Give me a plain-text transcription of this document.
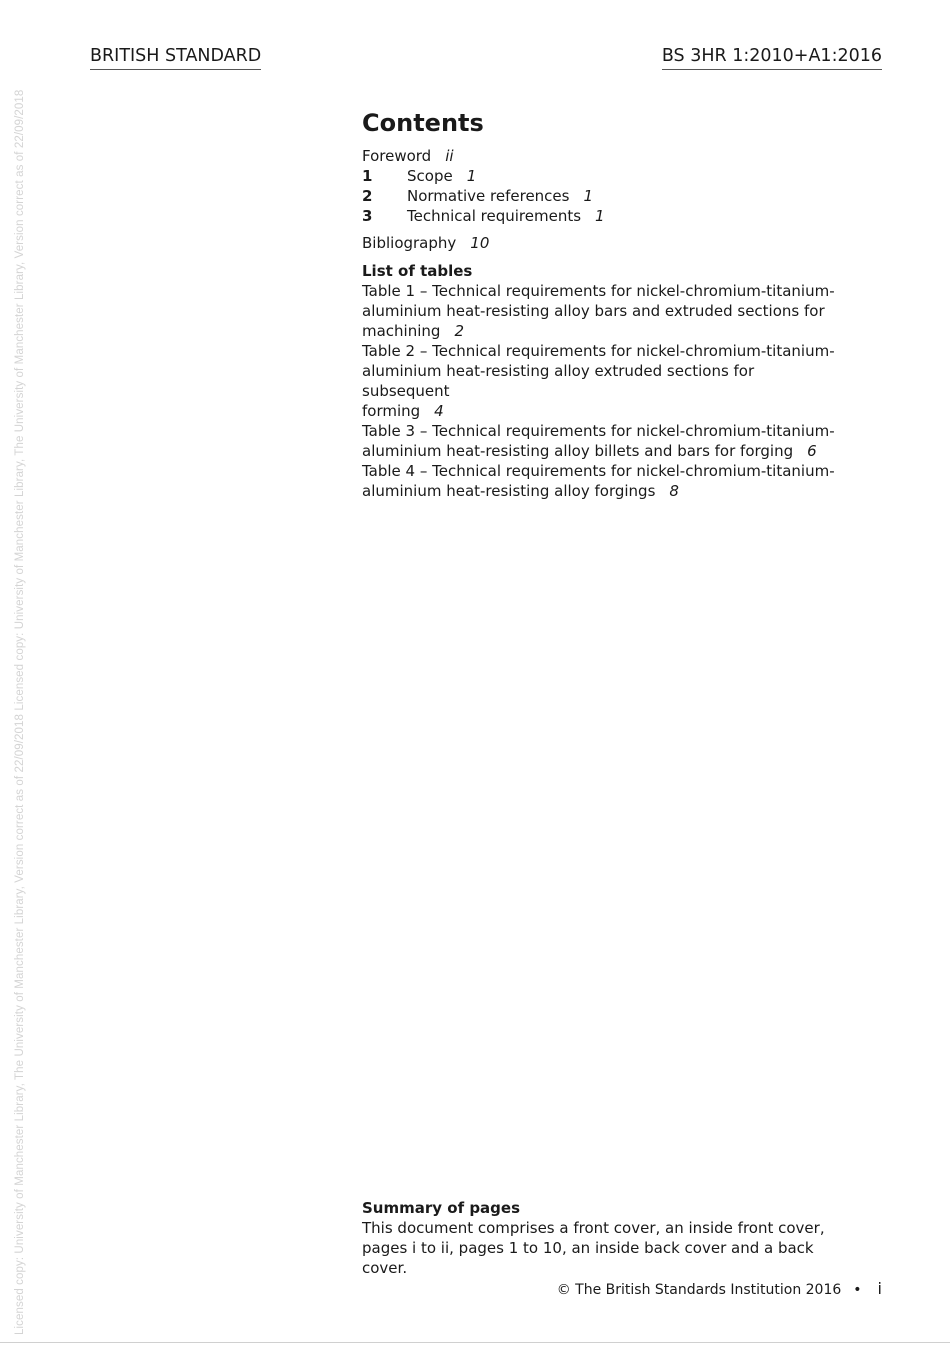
Licensed copy: University of Manchester Library, The University of Manchester Library, Version correct as of 22/09/2018 Licensed copy: University of Manchester Library, The University of Manchester Library, Version correct as of 22/09/2018
BRITISH STANDARD	BS 3HR 1:2010+A1:2016
Contents
Foreword ii
1	Scope 1
2	Normative references 1
3	Technical requirements 1
Bibliography 10
List of tables
Table 1 – Technical requirements for nickel-chromium-titanium-
aluminium heat-resisting alloy bars and extruded sections for
machining 2
Table 2 – Technical requirements for nickel-chromium-titanium-
aluminium heat-resisting alloy extruded sections for subsequent
forming 4
Table 3 – Technical requirements for nickel-chromium-titanium-
aluminium heat-resisting alloy billets and bars for forging 6
Table 4 – Technical requirements for nickel-chromium-titanium-
aluminium heat-resisting alloy forgings 8
Summary of pages
This document comprises a front cover, an inside front cover,
pages i to ii, pages 1 to 10, an inside back cover and a back cover.
© The British Standards Institution 2016 • i
